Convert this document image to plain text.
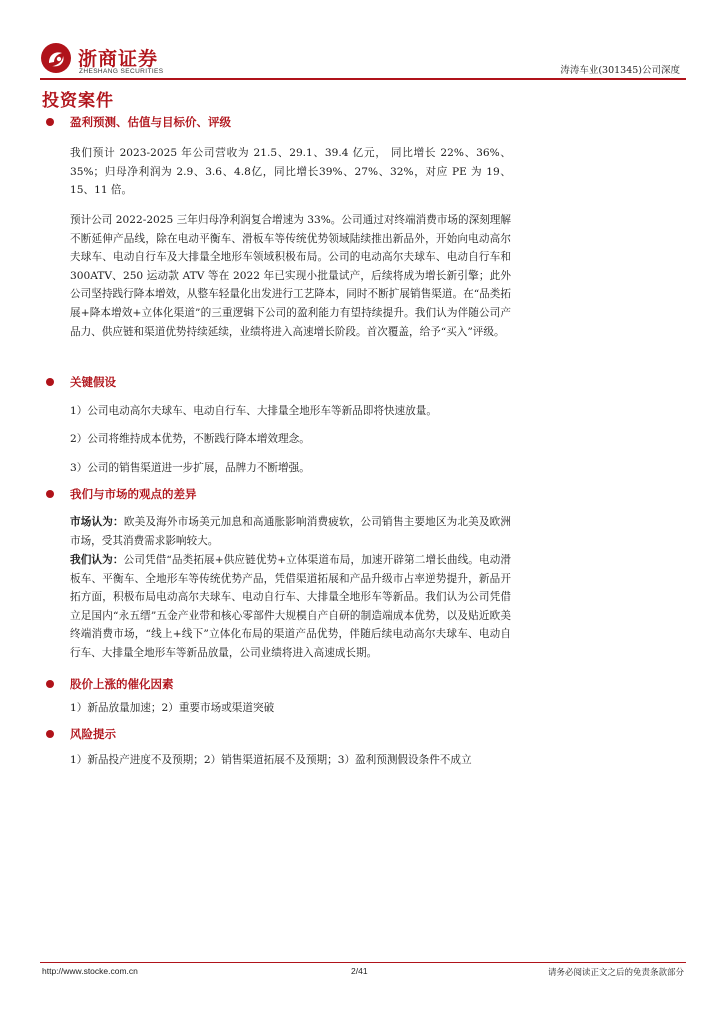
浙商证券
ZHESHANG SECURITIES	涛涛车业(301345)公司深度
投资案件
盈利预测、估值与目标价、评级

我们预计 2023-2025 年公司营收为 21.5、29.1、39.4 亿元， 同比增长 22%、36%、35%；归母净利润为 2.9、3.6、4.8亿，同比增长39%、27%、32%，对应 PE 为 19、15、11 倍。

预计公司 2022-2025 三年归母净利润复合增速为 33%。公司通过对终端消费市场的深刻理解不断延伸产品线，除在电动平衡车、滑板车等传统优势领域陆续推出新品外，开始向电动高尔夫球车、电动自行车及大排量全地形车领域积极布局。公司的电动高尔夫球车、电动自行车和 300ATV、250 运动款 ATV 等在 2022 年已实现小批量试产，后续将成为增长新引擎；此外公司坚持践行降本增效，从整车轻量化出发进行工艺降本，同时不断扩展销售渠道。在“品类拓展+降本增效+立体化渠道”的三重逻辑下公司的盈利能力有望持续提升。我们认为伴随公司产品力、供应链和渠道优势持续延续，业绩将进入高速增长阶段。首次覆盖，给予“买入”评级。

关键假设

1）公司电动高尔夫球车、电动自行车、大排量全地形车等新品即将快速放量。

2）公司将维持成本优势，不断践行降本增效理念。

3）公司的销售渠道进一步扩展，品牌力不断增强。

我们与市场的观点的差异

市场认为：欧美及海外市场美元加息和高通胀影响消费疲软，公司销售主要地区为北美及欧洲市场，受其消费需求影响较大。

我们认为：公司凭借“品类拓展+供应链优势+立体渠道布局，加速开辟第二增长曲线。电动滑板车、平衡车、全地形车等传统优势产品，凭借渠道拓展和产品升级市占率逆势提升，新品开拓方面，积极布局电动高尔夫球车、电动自行车、大排量全地形车等新品。我们认为公司凭借立足国内“永五缙”五金产业带和核心零部件大规模自产自研的制造端成本优势，以及贴近欧美终端消费市场，“线上+线下”立体化布局的渠道产品优势，伴随后续电动高尔夫球车、电动自行车、大排量全地形车等新品放量，公司业绩将进入高速成长期。

股价上涨的催化因素

1）新品放量加速；2）重要市场或渠道突破

风险提示

1）新品投产进度不及预期；2）销售渠道拓展不及预期；3）盈利预测假设条件不成立

http://www.stocke.com.cn	2/41	请务必阅读正文之后的免责条款部分
